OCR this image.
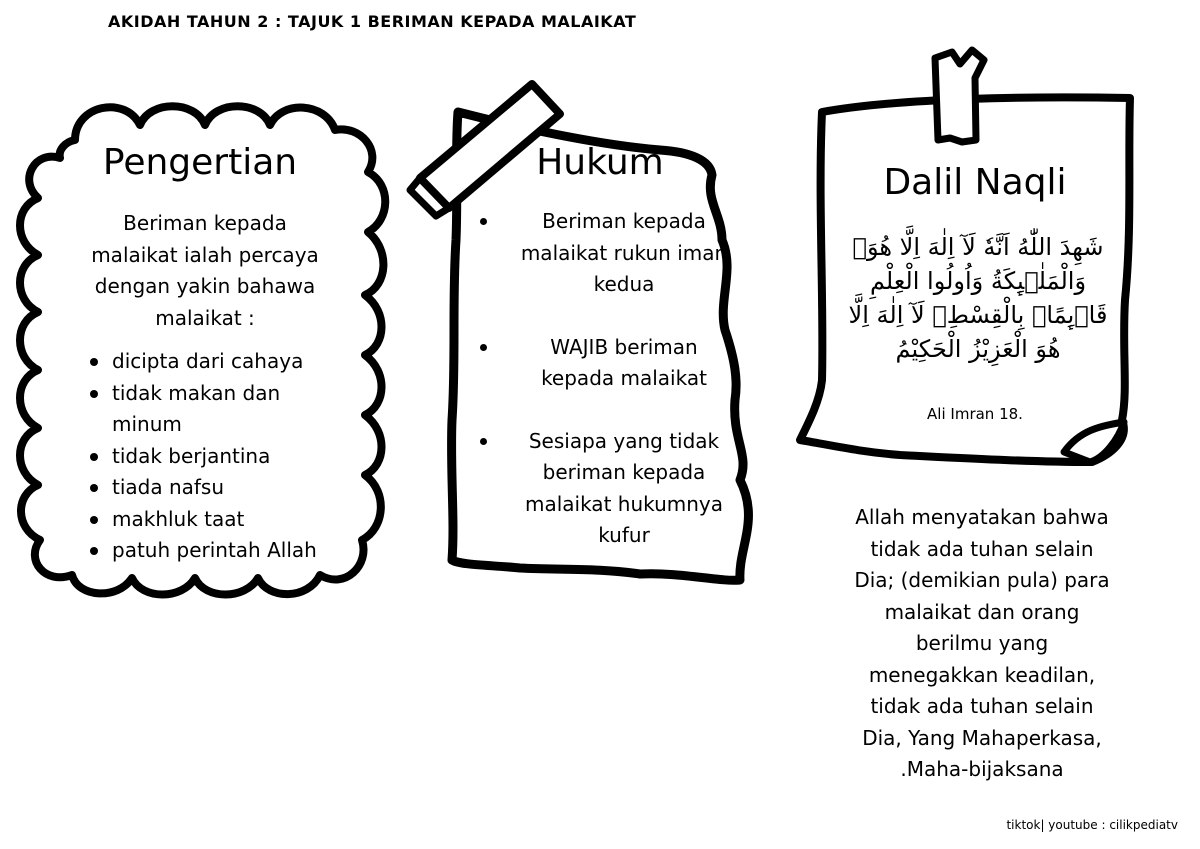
AKIDAH TAHUN 2 : TAJUK 1 BERIMAN KEPADA MALAIKAT
Pengertian
Beriman kepada malaikat ialah percaya dengan yakin bahawa malaikat :
dicipta dari cahaya
tidak makan dan minum
tidak berjantina
tiada nafsu
makhluk taat
patuh perintah Allah
Hukum
Beriman kepada malaikat rukun iman kedua
WAJIB beriman kepada malaikat
Sesiapa yang tidak beriman kepada malaikat hukumnya kufur
Dalil Naqli
شَهِدَ اللّٰهُ اَنَّهٗ لَآ اِلٰهَ اِلَّا هُوَۙ وَالْمَلٰۤىِٕكَةُ وَاُولُوا الْعِلْمِ قَاۤىِٕمًاۢ بِالْقِسْطِۗ لَآ اِلٰهَ اِلَّا هُوَ الْعَزِيْزُ الْحَكِيْمُ
Ali Imran 18.
Allah menyatakan bahwa tidak ada tuhan selain Dia; (demikian pula) para malaikat dan orang berilmu yang menegakkan keadilan, tidak ada tuhan selain Dia, Yang Mahaperkasa, .Maha-bijaksana
tiktok| youtube : cilikpediatv
